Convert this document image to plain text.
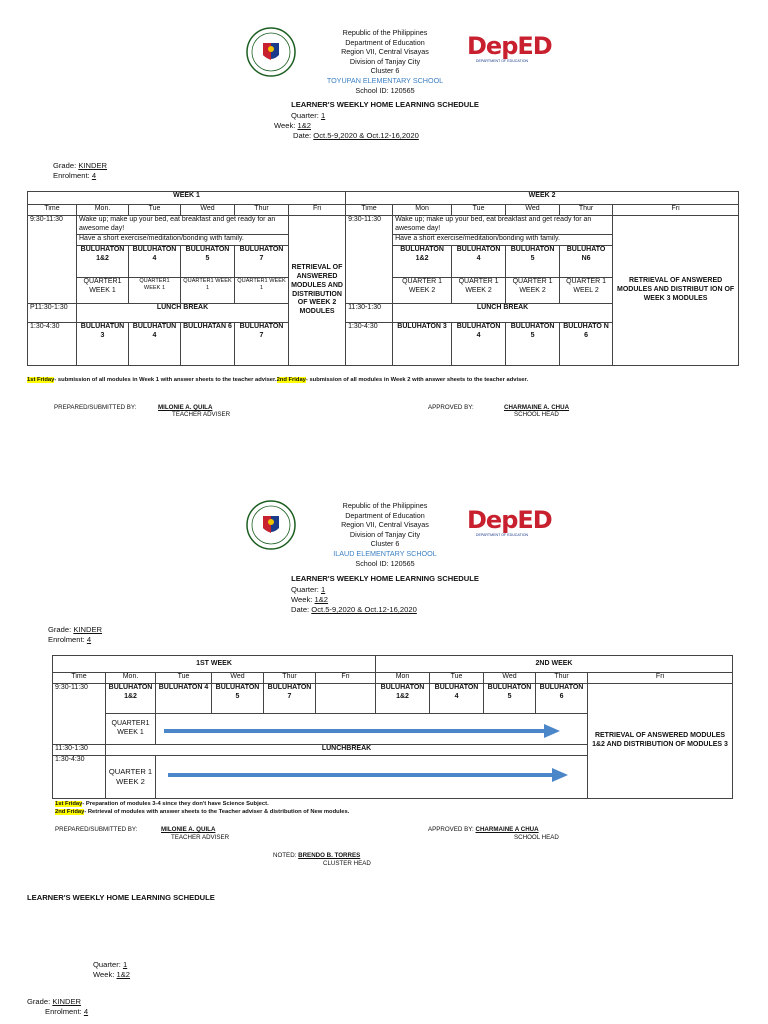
Republic of the Philippines
Department of Education
Region VII, Central Visayas
Division of Tanjay City
Cluster 6
TOYUPAN ELEMENTARY SCHOOL
School ID: 120565
DepED
DEPARTMENT OF EDUCATION
LEARNER'S WEEKLY HOME LEARNING SCHEDULE
Quarter: 1
Week: 1&2
Date: Oct.5-9,2020 & Oct.12-16,2020
Grade: KINDER
Enrolment: 4
WEEK 1						WEEK 2					
Time	Mon.	Tue	Wed	Thur	Fri	Time	Mon	Tue	Wed	Thur	Fri
9:30-11:30	Wake up; make up your bed, eat breakfast and get ready for an awesome day!				RETRIEVAL OF ANSWERED MODULES AND DISTRIBUTION OF WEEK 2 MODULES	9:30-11:30	Wake up; make up your bed, eat breakfast and get ready for an awesome day!				RETRIEVAL OF ANSWERED MODULES AND DISTRIBUT ION OF WEEK 3 MODULES
	Have a short exercise/meditation/bonding with family.						Have a short exercise/meditation/bonding with family.				
	BULUHATON 1&2	BULUHATON 4	BULUHATON 5	BULUHATON 7			BULUHATON 1&2	BULUHATON 4	BULUHATON 5	BULUHATO N6	
	QUARTER1 WEEK 1	QUARTER1 WEEK 1	QUARTER1 WEEK 1	QUARTER1 WEEK 1			QUARTER 1 WEEK 2	QUARTER 1 WEEK 2	QUARTER 1 WEEK 2	QUARTER 1 WEEL 2	
P11:30-1:30	LUNCH BREAK					11:30-1:30	LUNCH BREAK				
1:30-4:30	BULUHATUN 3	BULUHATUN 4	BULUHATAN 6	BULUHATON 7		1:30-4:30	BULUHATON 3	BULUHATON 4	BULUHATON 5	BULUHATO N 6	
1st Friday- submission of all modules in Week 1 with answer sheets to the teacher adviser.2nd Friday- submission of all modules in Week 2 with answer sheets to the teacher adviser.
PREPARED/SUBMITTED BY:	MILONIE A. QUILA
TEACHER ADVISER
APPROVED BY:	CHARMAINE A. CHUA
SCHOOL HEAD
Republic of the Philippines
Department of Education
Region VII, Central Visayas
Division of Tanjay City
Cluster 6
ILAUD ELEMENTARY SCHOOL
School ID: 120565
DepED
DEPARTMENT OF EDUCATION
LEARNER'S WEEKLY HOME LEARNING SCHEDULE
Quarter: 1
Week: 1&2
Date: Oct.5-9,2020 & Oct.12-16,2020
Grade: KINDER
Enrolment: 4
1ST WEEK						2ND WEEK				
Time	Mon.	Tue	Wed	Thur	Fri	Mon	Tue	Wed	Thur	Fri
9:30-11:30	BULUHATON 1&2	BULUHATON 4	BULUHATON 5	BULUHATON 7		BULUHATON 1&2	BULUHATON 4	BULUHATON 5	BULUHATON 6	RETRIEVAL OF ANSWERED MODULES 1&2 AND DISTRIBUTION OF MODULES 3
	QUARTER1 WEEK 1	

11:30-1:30	LUNCHBREAK									
1:30-4:30	QUARTER 1 WEEK 2	

1st Friday- Preparation of modules 3-4 since they don't have Science Subject.
2nd Friday- Retrieval of modules with answer sheets to the Teacher adviser & distribution of New modules.
PREPARED/SUBMITTED BY:	MILONIE A. QUILA
TEACHER ADVISER
APPROVED BY: CHARMAINE A CHUA
SCHOOL HEAD
NOTED: BRENDO B. TORRES
CLUSTER HEAD
LEARNER'S WEEKLY HOME LEARNING SCHEDULE
Quarter: 1
Week: 1&2
Grade: KINDER
Enrolment: 4
